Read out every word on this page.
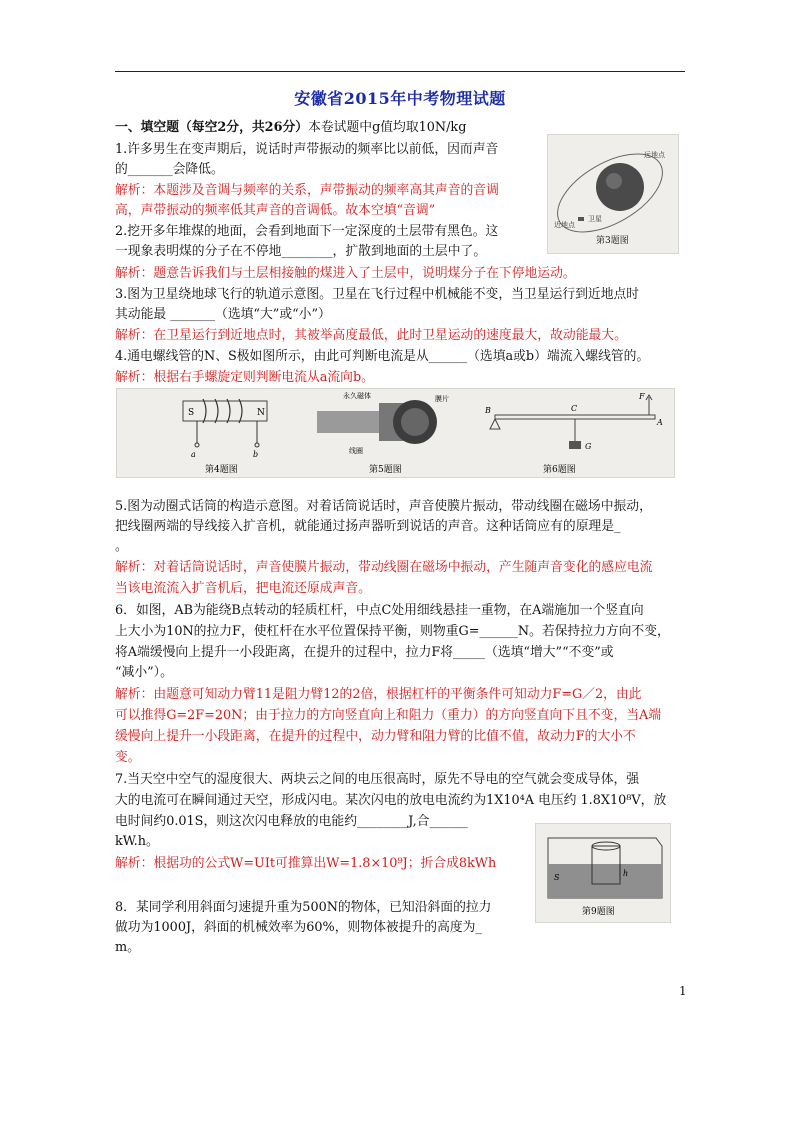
安徽省2015年中考物理试题
一、填空题（每空2分，共26分）本卷试题中g值均取10N/kg
1.许多男生在变声期后，说话时声带振动的频率比以前低，因而声音
的_______会降低。
解析：本题涉及音调与频率的关系，声带振动的频率高其声音的音调
高，声带振动的频率低其声音的音调低。故本空填“音调”
2.挖开多年堆煤的地面，会看到地面下一定深度的土层带有黑色。这
一现象表明煤的分子在不停地________，扩散到地面的土层中了。
解析：题意告诉我们与土层相接触的煤进入了土层中，说明煤分子在下停地运动。
3.图为卫星绕地球飞行的轨道示意图。卫星在飞行过程中机械能不变，当卫星运行到近地点时
其动能最 _______（选填“大”或“小”）
解析：在卫星运行到近地点时，其被举高度最低，此时卫星运动的速度最大，故动能最大。
4.通电螺线管的N、S极如图所示，由此可判断电流是从______（选填a或b）端流入螺线管的。
解析：根据右手螺旋定则判断电流从a流向b。
5.图为动圈式话筒的构造示意图。对着话筒说话时，声音使膜片振动，带动线圈在磁场中振动，
把线圈两端的导线接入扩音机，就能通过扬声器听到说话的声音。这种话筒应有的原理是_
。
解析：对着话筒说话时，声音使膜片振动，带动线圈在磁场中振动，产生随声音变化的感应电流
当该电流流入扩音机后，把电流还原成声音。
6．如图，AB为能绕B点转动的轻质杠杆，中点C处用细线悬挂一重物，在A端施加一个竖直向
上大小为10N的拉力F，使杠杆在水平位置保持平衡，则物重G=______N。若保持拉力方向不变，
将A端缓慢向上提升一小段距离，在提升的过程中，拉力F将_____（选填“增大”“不变”或
“减小”）。
解析：由题意可知动力臂11是阻力臂12的2倍，根据杠杆的平衡条件可知动力F=G／2，由此
可以推得G=2F=20N；由于拉力的方向竖直向上和阻力（重力）的方向竖直向下且不变，当A端
缓慢向上提升一小段距离，在提升的过程中，动力臂和阻力臂的比值不值，故动力F的大小不
变。
7.当天空中空气的湿度很大、两块云之间的电压很高时，原先不导电的空气就会变成导体，强
大的电流可在瞬间通过天空，形成闪电。某次闪电的放电电流约为1X10⁴A 电压约 1.8X10⁸V，放
电时间约0.01S，则这次闪电释放的电能约________J,合______
kW.h。
解析：根据功的公式W=UIt可推算出W=1.8×10⁹J；折合成8kWh
8．某同学利用斜面匀速提升重为500N的物体，已知沿斜面的拉力
做功为1000J，斜面的机械效率为60%，则物体被提升的高度为_
m。
远地点
近地点
卫星
第3题图
S	N
a	b
第4题图
永久磁体	膜片
线圈
第5题图
B	C
F
A
G
第6题图
S	h
第9题图
1
